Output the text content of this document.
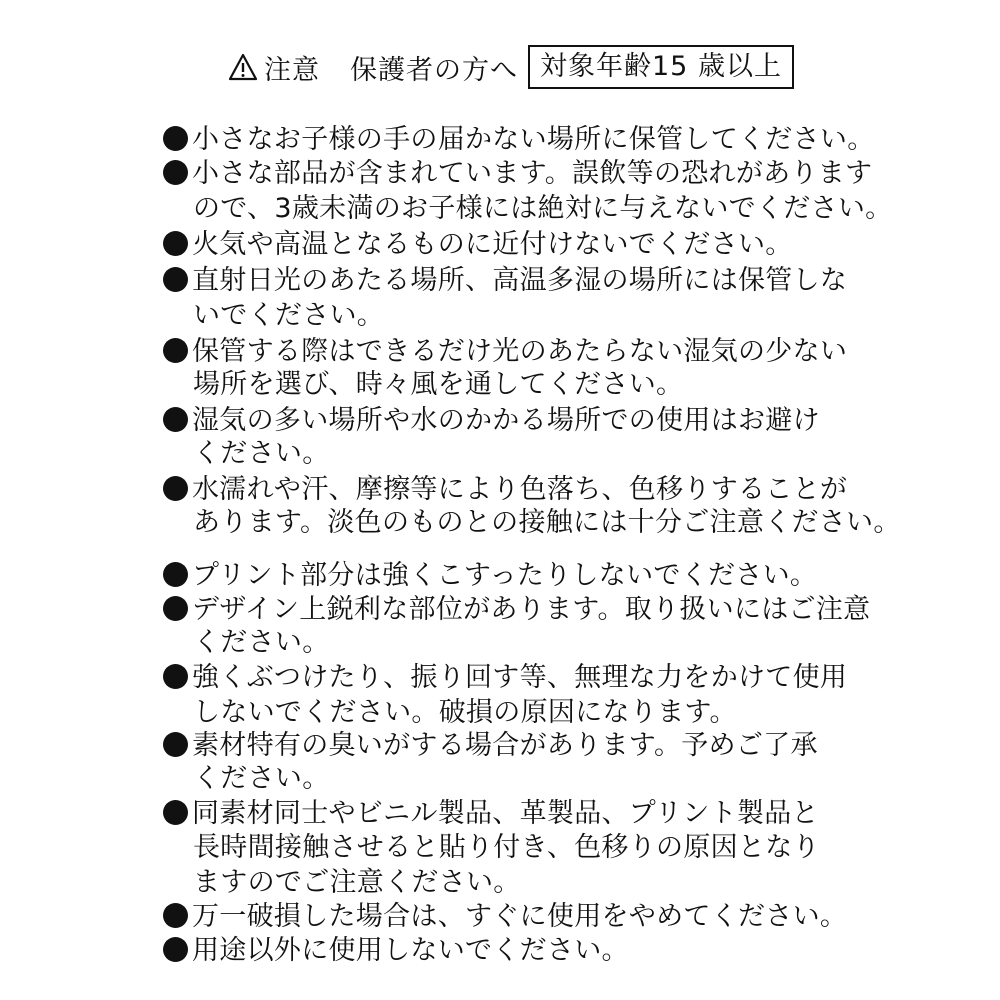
注意 保護者の方へ 対象年齢15 歳以上
小さなお子様の手の届かない場所に保管してください。
小さな部品が含まれています。誤飲等の恐れがあります
ので、3歳未満のお子様には絶対に与えないでください。
火気や高温となるものに近付けないでください。
直射日光のあたる場所、高温多湿の場所には保管しな
いでください。
保管する際はできるだけ光のあたらない湿気の少ない
場所を選び、時々風を通してください。
湿気の多い場所や水のかかる場所での使用はお避け
ください。
水濡れや汗、摩擦等により色落ち、色移りすることが
あります。淡色のものとの接触には十分ご注意ください。
プリント部分は強くこすったりしないでください。
デザイン上鋭利な部位があります。取り扱いにはご注意
ください。
強くぶつけたり、振り回す等、無理な力をかけて使用
しないでください。破損の原因になります。
素材特有の臭いがする場合があります。予めご了承
ください。
同素材同士やビニル製品、革製品、プリント製品と
長時間接触させると貼り付き、色移りの原因となり
ますのでご注意ください。
万一破損した場合は、すぐに使用をやめてください。
用途以外に使用しないでください。
